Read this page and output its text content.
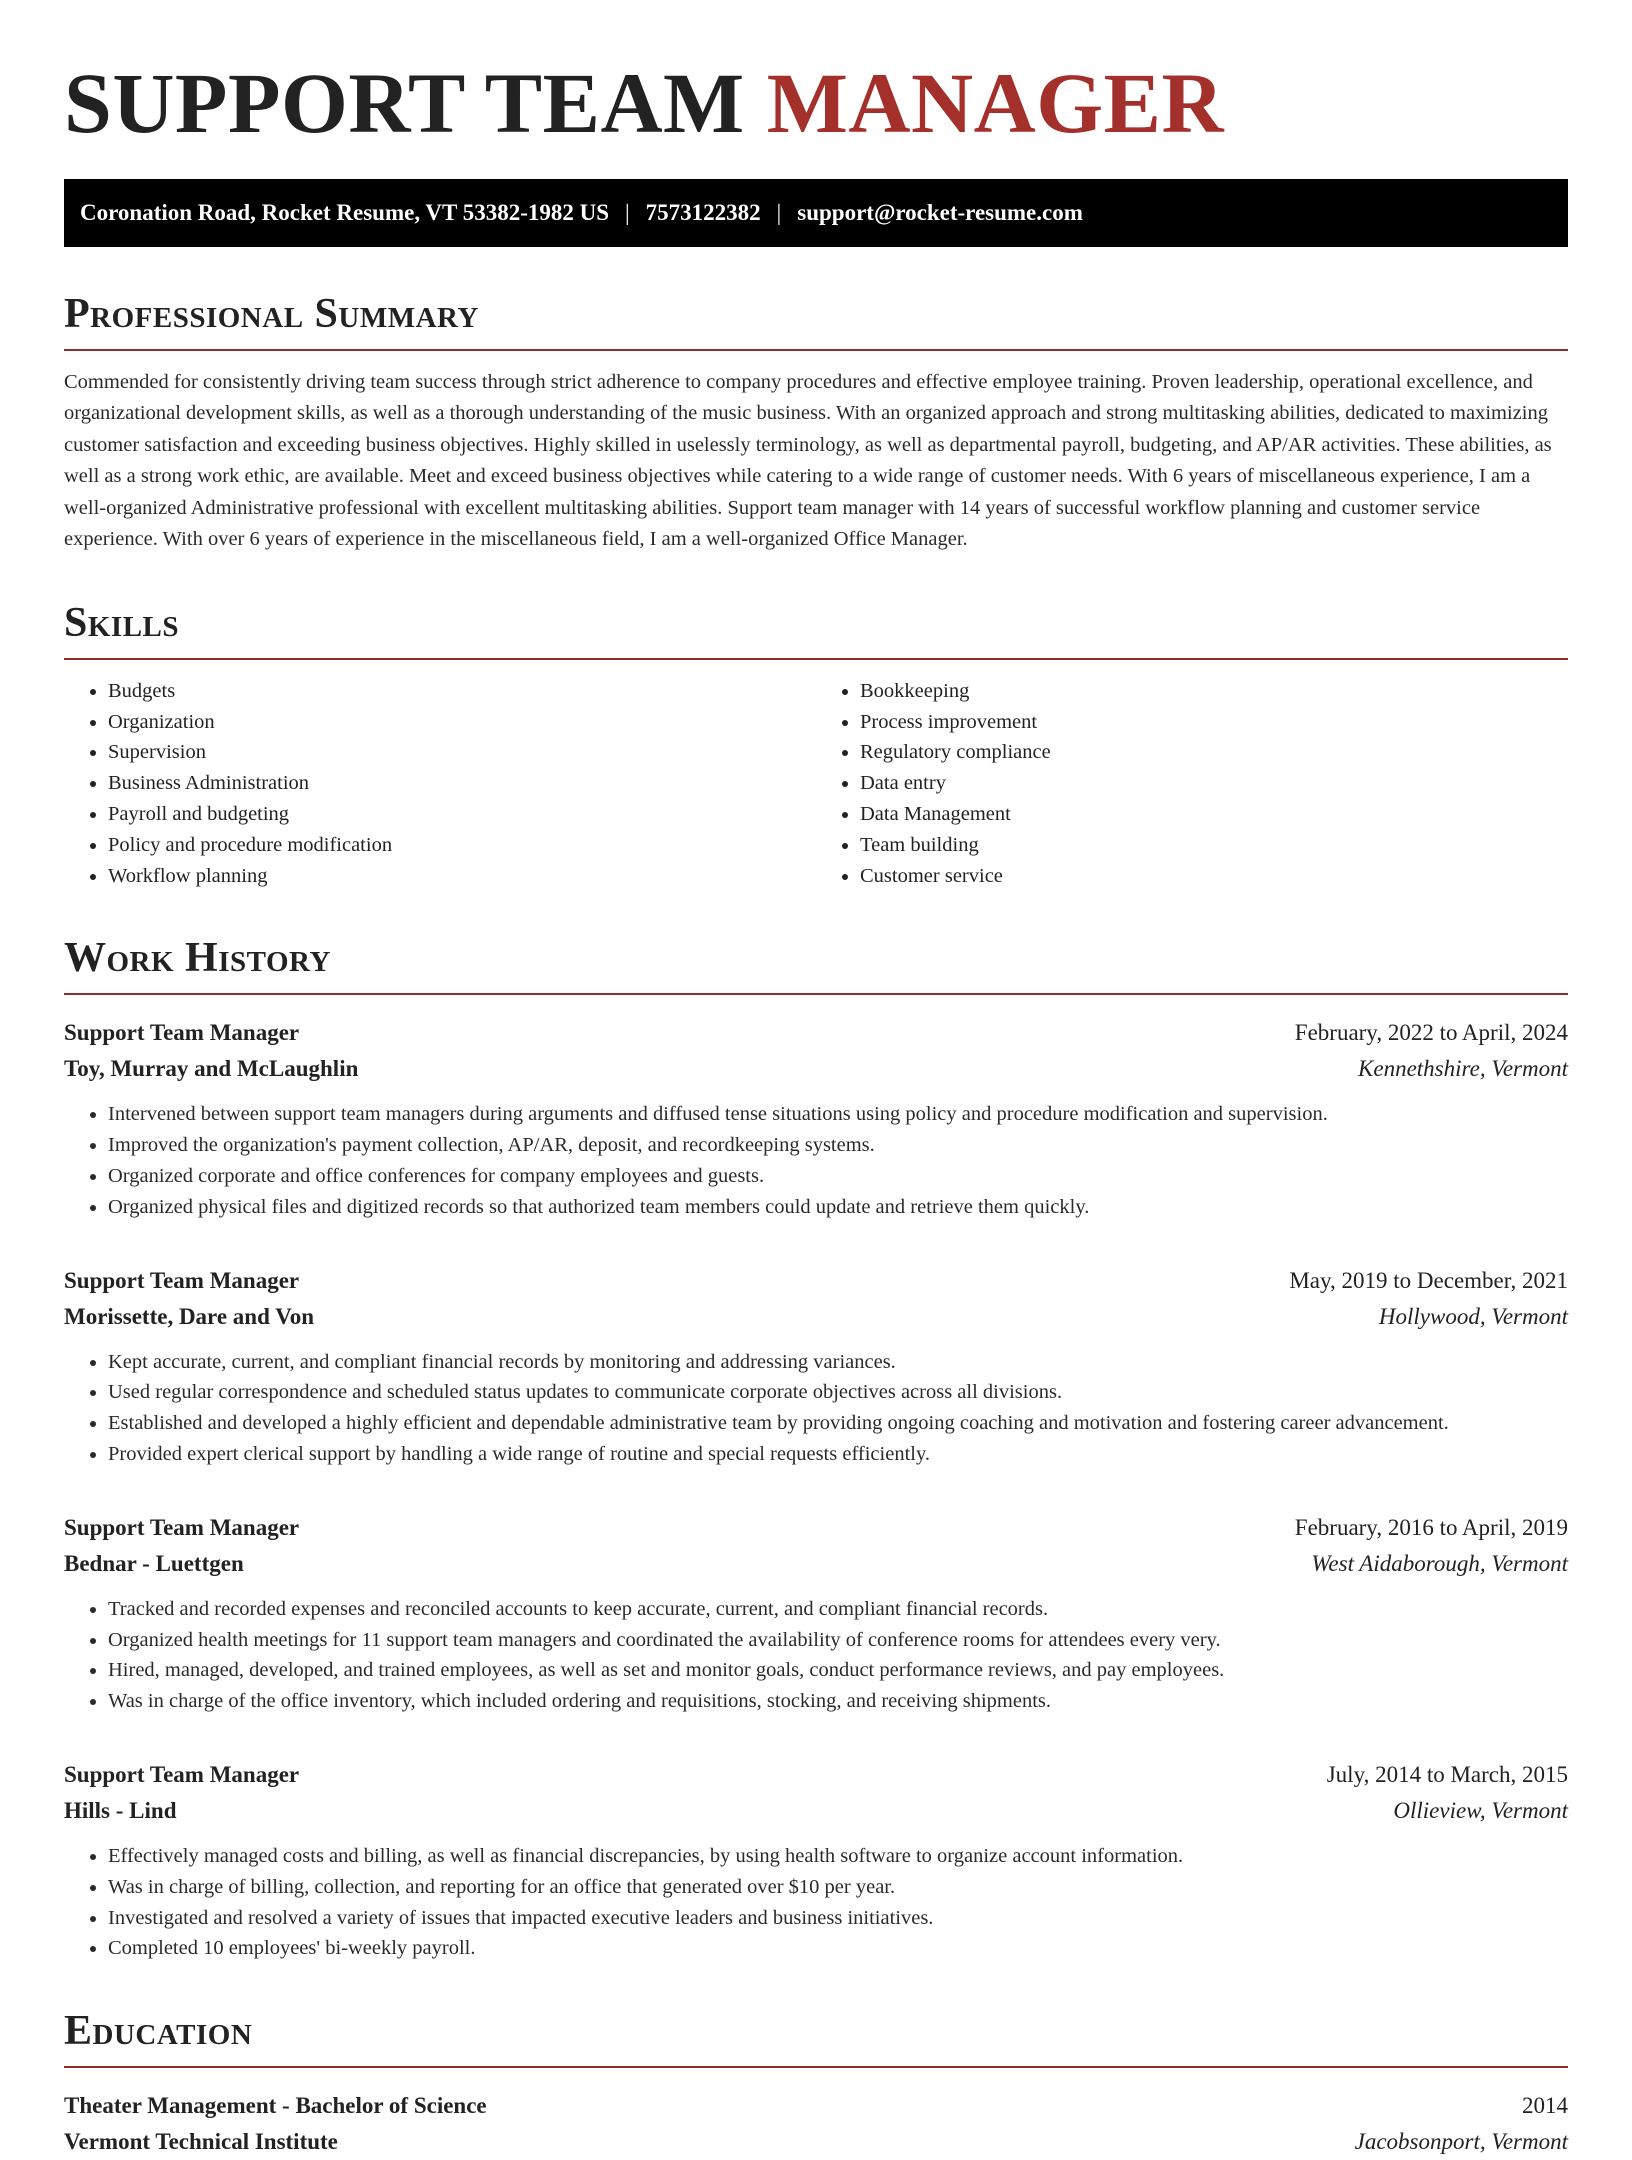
SUPPORT TEAM MANAGER
Coronation Road, Rocket Resume, VT 53382-1982 US | 7573122382 | support@rocket-resume.com
Professional Summary

Commended for consistently driving team success through strict adherence to company procedures and effective employee training. Proven leadership, operational excellence, and organizational development skills, as well as a thorough understanding of the music business. With an organized approach and strong multitasking abilities, dedicated to maximizing customer satisfaction and exceeding business objectives. Highly skilled in uselessly terminology, as well as departmental payroll, budgeting, and AP/AR activities. These abilities, as well as a strong work ethic, are available. Meet and exceed business objectives while catering to a wide range of customer needs. With 6 years of miscellaneous experience, I am a well-organized Administrative professional with excellent multitasking abilities. Support team manager with 14 years of successful workflow planning and customer service experience. With over 6 years of experience in the miscellaneous field, I am a well-organized Office Manager.

Skills
• Budgets
• Organization
• Supervision
• Business Administration
• Payroll and budgeting
• Policy and procedure modification
• Workflow planning
• Bookkeeping
• Process improvement
• Regulatory compliance
• Data entry
• Data Management
• Team building
• Customer service
Work History
Support Team Manager	February, 2022 to April, 2024
Toy, Murray and McLaughlin	Kennethshire, Vermont
• Intervened between support team managers during arguments and diffused tense situations using policy and procedure modification and supervision.
• Improved the organization's payment collection, AP/AR, deposit, and recordkeeping systems.
• Organized corporate and office conferences for company employees and guests.
• Organized physical files and digitized records so that authorized team members could update and retrieve them quickly.
Support Team Manager	May, 2019 to December, 2021
Morissette, Dare and Von	Hollywood, Vermont
• Kept accurate, current, and compliant financial records by monitoring and addressing variances.
• Used regular correspondence and scheduled status updates to communicate corporate objectives across all divisions.
• Established and developed a highly efficient and dependable administrative team by providing ongoing coaching and motivation and fostering career advancement.
• Provided expert clerical support by handling a wide range of routine and special requests efficiently.
Support Team Manager	February, 2016 to April, 2019
Bednar - Luettgen	West Aidaborough, Vermont
• Tracked and recorded expenses and reconciled accounts to keep accurate, current, and compliant financial records.
• Organized health meetings for 11 support team managers and coordinated the availability of conference rooms for attendees every very.
• Hired, managed, developed, and trained employees, as well as set and monitor goals, conduct performance reviews, and pay employees.
• Was in charge of the office inventory, which included ordering and requisitions, stocking, and receiving shipments.
Support Team Manager	July, 2014 to March, 2015
Hills - Lind	Ollieview, Vermont
• Effectively managed costs and billing, as well as financial discrepancies, by using health software to organize account information.
• Was in charge of billing, collection, and reporting for an office that generated over $10 per year.
• Investigated and resolved a variety of issues that impacted executive leaders and business initiatives.
• Completed 10 employees' bi-weekly payroll.
Education
Theater Management - Bachelor of Science	2014
Vermont Technical Institute	Jacobsonport, Vermont
